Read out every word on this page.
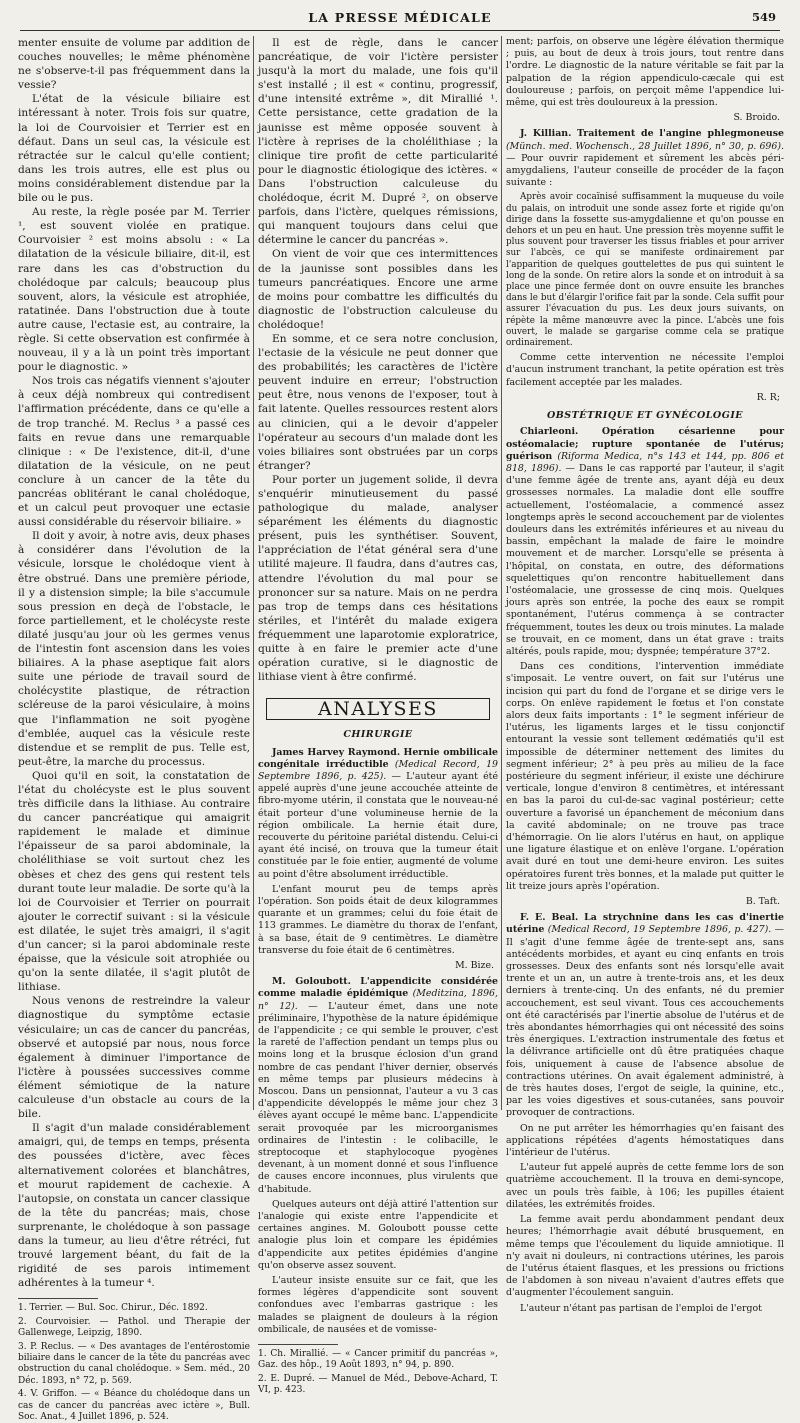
LA PRESSE MÉDICALE	549

menter ensuite de volume par addition de couches nouvelles; le même phénomène ne s'observe-t-il pas fréquemment dans la vessie?

L'état de la vésicule biliaire est intéressant à noter. Trois fois sur quatre, la loi de Courvoisier et Terrier est en défaut. Dans un seul cas, la vésicule est rétractée sur le calcul qu'elle contient; dans les trois autres, elle est plus ou moins considérablement distendue par la bile ou le pus.

Au reste, la règle posée par M. Terrier ¹, est souvent violée en pratique. Courvoisier ² est moins absolu : « La dilatation de la vésicule biliaire, dit-il, est rare dans les cas d'obstruction du cholédoque par calculs; beaucoup plus souvent, alors, la vésicule est atrophiée, ratatinée. Dans l'obstruction due à toute autre cause, l'ectasie est, au contraire, la règle. Si cette observation est confirmée à nouveau, il y a là un point très important pour le diagnostic. »

Nos trois cas négatifs viennent s'ajouter à ceux déjà nombreux qui contredisent l'affirmation précédente, dans ce qu'elle a de trop tranché. M. Reclus ³ a passé ces faits en revue dans une remarquable clinique : « De l'existence, dit-il, d'une dilatation de la vésicule, on ne peut conclure à un cancer de la tête du pancréas oblitérant le canal cholédoque, et un calcul peut provoquer une ectasie aussi considérable du réservoir biliaire. »

Il doit y avoir, à notre avis, deux phases à considérer dans l'évolution de la vésicule, lorsque le cholédoque vient à être obstrué. Dans une première période, il y a distension simple; la bile s'accumule sous pression en deçà de l'obstacle, le force partiellement, et le cholécyste reste dilaté jusqu'au jour où les germes venus de l'intestin font ascension dans les voies biliaires. A la phase aseptique fait alors suite une période de travail sourd de cholécystite plastique, de rétraction scléreuse de la paroi vésiculaire, à moins que l'inflammation ne soit pyogène d'emblée, auquel cas la vésicule reste distendue et se remplit de pus. Telle est, peut-être, la marche du processus.

Quoi qu'il en soit, la constatation de l'état du cholécyste est le plus souvent très difficile dans la lithiase. Au contraire du cancer pancréatique qui amaigrit rapidement le malade et diminue l'épaisseur de sa paroi abdominale, la cholélithiase se voit surtout chez les obèses et chez des gens qui restent tels durant toute leur maladie. De sorte qu'à la loi de Courvoisier et Terrier on pourrait ajouter le correctif suivant : si la vésicule est dilatée, le sujet très amaigri, il s'agit d'un cancer; si la paroi abdominale reste épaisse, que la vésicule soit atrophiée ou qu'on la sente dilatée, il s'agit plutôt de lithiase.

Nous venons de restreindre la valeur diagnostique du symptôme ectasie vésiculaire; un cas de cancer du pancréas, observé et autopsié par nous, nous force également à diminuer l'importance de l'ictère à poussées successives comme élément sémiotique de la nature calculeuse d'un obstacle au cours de la bile.

Il s'agit d'un malade considérablement amaigri, qui, de temps en temps, présenta des poussées d'ictère, avec fèces alternativement colorées et blanchâtres, et mourut rapidement de cachexie. A l'autopsie, on constata un cancer classique de la tête du pancréas; mais, chose surprenante, le cholédoque à son passage dans la tumeur, au lieu d'être rétréci, fut trouvé largement béant, du fait de la rigidité de ses parois intimement adhérentes à la tumeur ⁴.

1. Terrier. — Bul. Soc. Chirur., Déc. 1892.

2. Courvoisier. — Pathol. und Therapie der Gallenwege, Leipzig, 1890.

3. P. Reclus. — « Des avantages de l'entérostomie biliaire dans le cancer de la tête du pancréas avec obstruction du canal cholédoque. » Sem. méd., 20 Déc. 1893, n° 72, p. 569.

4. V. Griffon. — « Béance du cholédoque dans un cas de cancer du pancréas avec ictère », Bull. Soc. Anat., 4 Juillet 1896, p. 524.

Il est de règle, dans le cancer pancréatique, de voir l'ictère persister jusqu'à la mort du malade, une fois qu'il s'est installé ; il est « continu, progressif, d'une intensité extrême », dit Mirallié ¹. Cette persistance, cette gradation de la jaunisse est même opposée souvent à l'ictère à reprises de la cholélithiase ; la clinique tire profit de cette particularité pour le diagnostic étiologique des ictères. « Dans l'obstruction calculeuse du cholédoque, écrit M. Dupré ², on observe parfois, dans l'ictère, quelques rémissions, qui manquent toujours dans celui que détermine le cancer du pancréas ».

On vient de voir que ces intermittences de la jaunisse sont possibles dans les tumeurs pancréatiques. Encore une arme de moins pour combattre les difficultés du diagnostic de l'obstruction calculeuse du cholédoque!

En somme, et ce sera notre conclusion, l'ectasie de la vésicule ne peut donner que des probabilités; les caractères de l'ictère peuvent induire en erreur; l'obstruction peut être, nous venons de l'exposer, tout à fait latente. Quelles ressources restent alors au clinicien, qui a le devoir d'appeler l'opérateur au secours d'un malade dont les voies biliaires sont obstruées par un corps étranger?

Pour porter un jugement solide, il devra s'enquérir minutieusement du passé pathologique du malade, analyser séparément les éléments du diagnostic présent, puis les synthétiser. Souvent, l'appréciation de l'état général sera d'une utilité majeure. Il faudra, dans d'autres cas, attendre l'évolution du mal pour se prononcer sur sa nature. Mais on ne perdra pas trop de temps dans ces hésitations stériles, et l'intérêt du malade exigera fréquemment une laparotomie exploratrice, quitte à en faire le premier acte d'une opération curative, si le diagnostic de lithiase vient à être confirmé.

ANALYSES
CHIRURGIE

James Harvey Raymond. Hernie ombilicale congénitale irréductible (Medical Record, 19 Septembre 1896, p. 425). — L'auteur ayant été appelé auprès d'une jeune accouchée atteinte de fibro-myome utérin, il constata que le nouveau-né était porteur d'une volumineuse hernie de la région ombilicale. La hernie était dure, recouverte du péritoine pariétal distendu. Celui-ci ayant été incisé, on trouva que la tumeur était constituée par le foie entier, augmenté de volume au point d'être absolument irréductible.

L'enfant mourut peu de temps après l'opération. Son poids était de deux kilogrammes quarante et un grammes; celui du foie était de 113 grammes. Le diamètre du thorax de l'enfant, à sa base, était de 9 centimètres. Le diamètre transverse du foie était de 6 centimètres.

M. Bize.

M. Goloubott. L'appendicite considérée comme maladie épidémique (Meditzina, 1896, n° 12). — L'auteur émet, dans une note préliminaire, l'hypothèse de la nature épidémique de l'appendicite ; ce qui semble le prouver, c'est la rareté de l'affection pendant un temps plus ou moins long et la brusque éclosion d'un grand nombre de cas pendant l'hiver dernier, observés en même temps par plusieurs médecins à Moscou. Dans un pensionnat, l'auteur a vu 3 cas d'appendicite développés le même jour chez 3 élèves ayant occupé le même banc. L'appendicite serait provoquée par les microorganismes ordinaires de l'intestin : le colibacille, le streptocoque et staphylocoque pyogènes devenant, à un moment donné et sous l'influence de causes encore inconnues, plus virulents que d'habitude.

Quelques auteurs ont déjà attiré l'attention sur l'analogie qui existe entre l'appendicite et certaines angines. M. Goloubott pousse cette analogie plus loin et compare les épidémies d'appendicite aux petites épidémies d'angine qu'on observe assez souvent.

L'auteur insiste ensuite sur ce fait, que les formes légères d'appendicite sont souvent confondues avec l'embarras gastrique : les malades se plaignent de douleurs à la région ombilicale, de nausées et de vomisse-

1. Ch. Mirallié. — « Cancer primitif du pancréas », Gaz. des hôp., 19 Août 1893, n° 94, p. 890.

2. E. Dupré. — Manuel de Méd., Debove-Achard, T. VI, p. 423.

ment; parfois, on observe une légère élévation thermique ; puis, au bout de deux à trois jours, tout rentre dans l'ordre. Le diagnostic de la nature véritable se fait par la palpation de la région appendiculo-cæcale qui est douloureuse ; parfois, on perçoit même l'appendice lui-même, qui est très douloureux à la pression.

S. Broido.

J. Killian. Traitement de l'angine phlegmoneuse (Münch. med. Wochensch., 28 Juillet 1896, n° 30, p. 696). — Pour ouvrir rapidement et sûrement les abcès péri-amygdaliens, l'auteur conseille de procéder de la façon suivante :

Après avoir cocaïnisé suffisamment la muqueuse du voile du palais, on introduit une sonde assez forte et rigide qu'on dirige dans la fossette sus-amygdalienne et qu'on pousse en dehors et un peu en haut. Une pression très moyenne suffit le plus souvent pour traverser les tissus friables et pour arriver sur l'abcès, ce qui se manifeste ordinairement par l'apparition de quelques gouttelettes de pus qui suintent le long de la sonde. On retire alors la sonde et on introduit à sa place une pince fermée dont on ouvre ensuite les branches dans le but d'élargir l'orifice fait par la sonde. Cela suffit pour assurer l'évacuation du pus. Les deux jours suivants, on répète la même manœuvre avec la pince. L'abcès une fois ouvert, le malade se gargarise comme cela se pratique ordinairement.

Comme cette intervention ne nécessite l'emploi d'aucun instrument tranchant, la petite opération est très facilement acceptée par les malades.

R. R;
OBSTÉTRIQUE ET GYNÉCOLOGIE

Chiarleoni.	Opération césarienne pour ostéomalacie; rupture spontanée de l'utérus; guérison (Riforma Medica, n°s 143 et 144, pp. 806 et 818, 1896). — Dans le cas rapporté par l'auteur, il s'agit d'une femme âgée de trente ans, ayant déjà eu deux grossesses normales. La maladie dont elle souffre actuellement, l'ostéomalacie, a commencé assez longtemps après le second accouchement par de violentes douleurs dans les extrémités inférieures et au niveau du bassin, empêchant la malade de faire le moindre mouvement et de marcher. Lorsqu'elle se présenta à l'hôpital, on constata, en outre, des déformations squelettiques qu'on rencontre habituellement dans l'ostéomalacie, une grossesse de cinq mois. Quelques jours après son entrée, la poche des eaux se rompit spontanément, l'utérus commença à se contracter fréquemment, toutes les deux ou trois minutes. La malade se trouvait, en ce moment, dans un état grave : traits altérés, pouls rapide, mou; dyspnée; température 37°2.

Dans ces conditions, l'intervention immédiate s'imposait. Le ventre ouvert, on fait sur l'utérus une incision qui part du fond de l'organe et se dirige vers le corps. On enlève rapidement le fœtus et l'on constate alors deux faits importants : 1° le segment inférieur de l'utérus, les ligaments larges et le tissu conjonctif entourant la vessie sont tellement œdématiés qu'il est impossible de déterminer nettement des limites du segment inférieur; 2° à peu près au milieu de la face postérieure du segment inférieur, il existe une déchirure verticale, longue d'environ 8 centimètres, et intéressant en bas la paroi du cul-de-sac vaginal postérieur; cette ouverture a favorisé un épanchement de méconium dans la cavité abdominale; on ne trouve pas trace d'hémorragie. On lie alors l'utérus en haut, on applique une ligature élastique et on enlève l'organe. L'opération avait duré en tout une demi-heure environ. Les suites opératoires furent très bonnes, et la malade put quitter le lit treize jours après l'opération.

B. Taft.

F. E. Beal. La strychnine dans les cas d'inertie utérine (Medical Record, 19 Septembre 1896, p. 427). — Il s'agit d'une femme âgée de trente-sept ans, sans antécédents morbides, et ayant eu cinq enfants en trois grossesses. Deux des enfants sont nés lorsqu'elle avait trente et un an, un autre à trente-trois ans, et les deux derniers à trente-cinq. Un des enfants, né du premier accouchement, est seul vivant. Tous ces accouchements ont été caractérisés par l'inertie absolue de l'utérus et de très abondantes hémorrhagies qui ont nécessité des soins très énergiques. L'extraction instrumentale des fœtus et la délivrance artificielle ont dû être pratiquées chaque fois, uniquement à cause de l'absence absolue de contractions utérines. On avait également administré, à de très hautes doses, l'ergot de seigle, la quinine, etc., par les voies digestives et sous-cutanées, sans pouvoir provoquer de contractions.

On ne put arrêter les hémorrhagies qu'en faisant des applications répétées d'agents hémostatiques dans l'intérieur de l'utérus.

L'auteur fut appelé auprès de cette femme lors de son quatrième accouchement. Il la trouva en demi-syncope, avec un pouls très faible, à 106; les pupilles étaient dilatées, les extrémités froides.

La femme avait perdu abondamment pendant deux heures; l'hémorrhagie avait débuté brusquement, en même temps que l'écoulement du liquide amniotique. Il n'y avait ni douleurs, ni contractions utérines, les parois de l'utérus étaient flasques, et les pressions ou frictions de l'abdomen à son niveau n'avaient d'autres effets que d'augmenter l'écoulement sanguin.

L'auteur n'étant pas partisan de l'emploi de l'ergot
